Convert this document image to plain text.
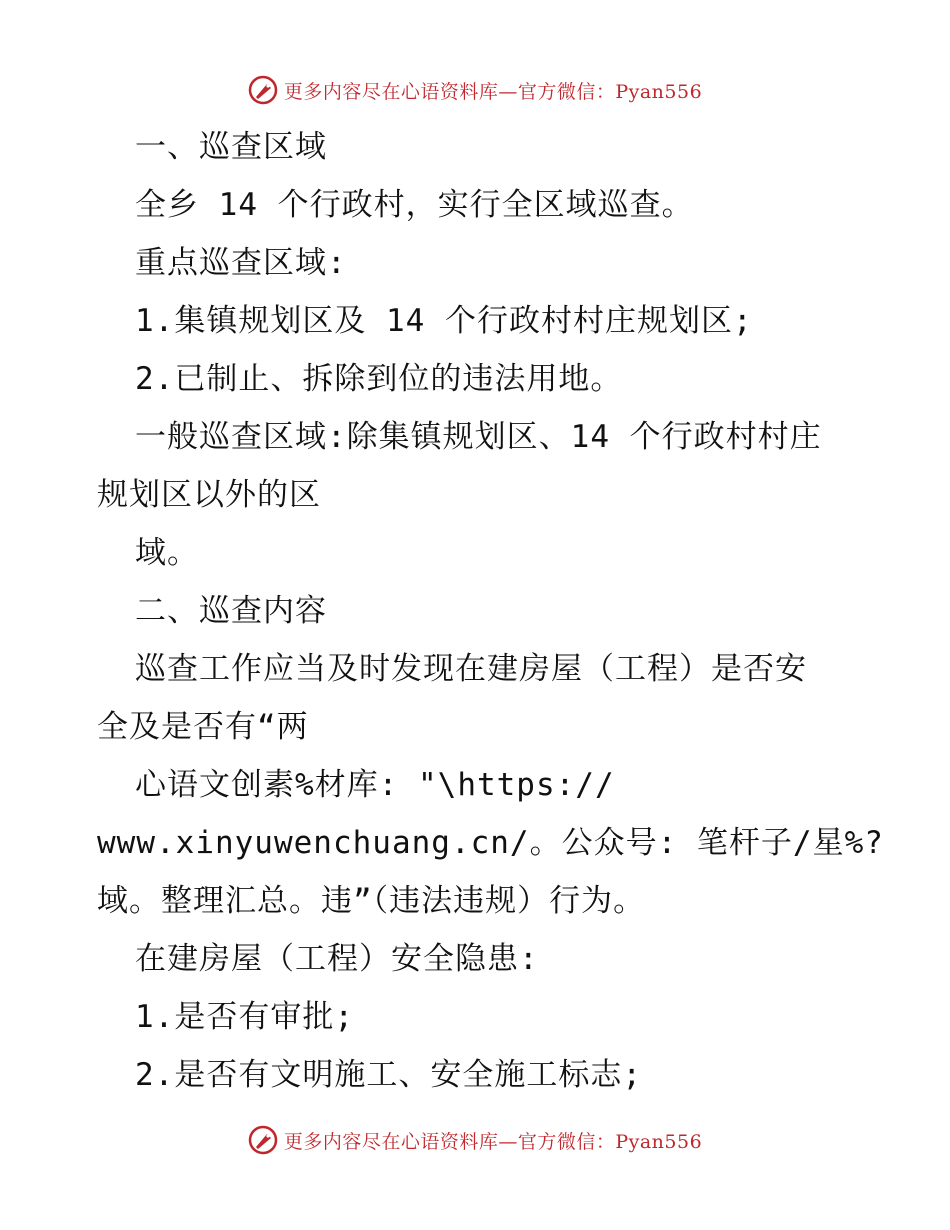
更多内容尽在心语资料库—官方微信：Pyan556
一、巡查区域
全乡 14 个行政村，实行全区域巡查。
重点巡查区域:
1.集镇规划区及 14 个行政村村庄规划区;
2.已制止、拆除到位的违法用地。
一般巡查区域:除集镇规划区、14 个行政村村庄
规划区以外的区
域。
二、巡查内容
巡查工作应当及时发现在建房屋（工程）是否安
全及是否有“两
心语文创素%材库: "\https://
www.xinyuwenchuang.cn/。公众号: 笔杆子/星%?
域。整理汇总。违”（违法违规）行为。
在建房屋（工程）安全隐患:
1.是否有审批;
2.是否有文明施工、安全施工标志;
更多内容尽在心语资料库—官方微信：Pyan556
